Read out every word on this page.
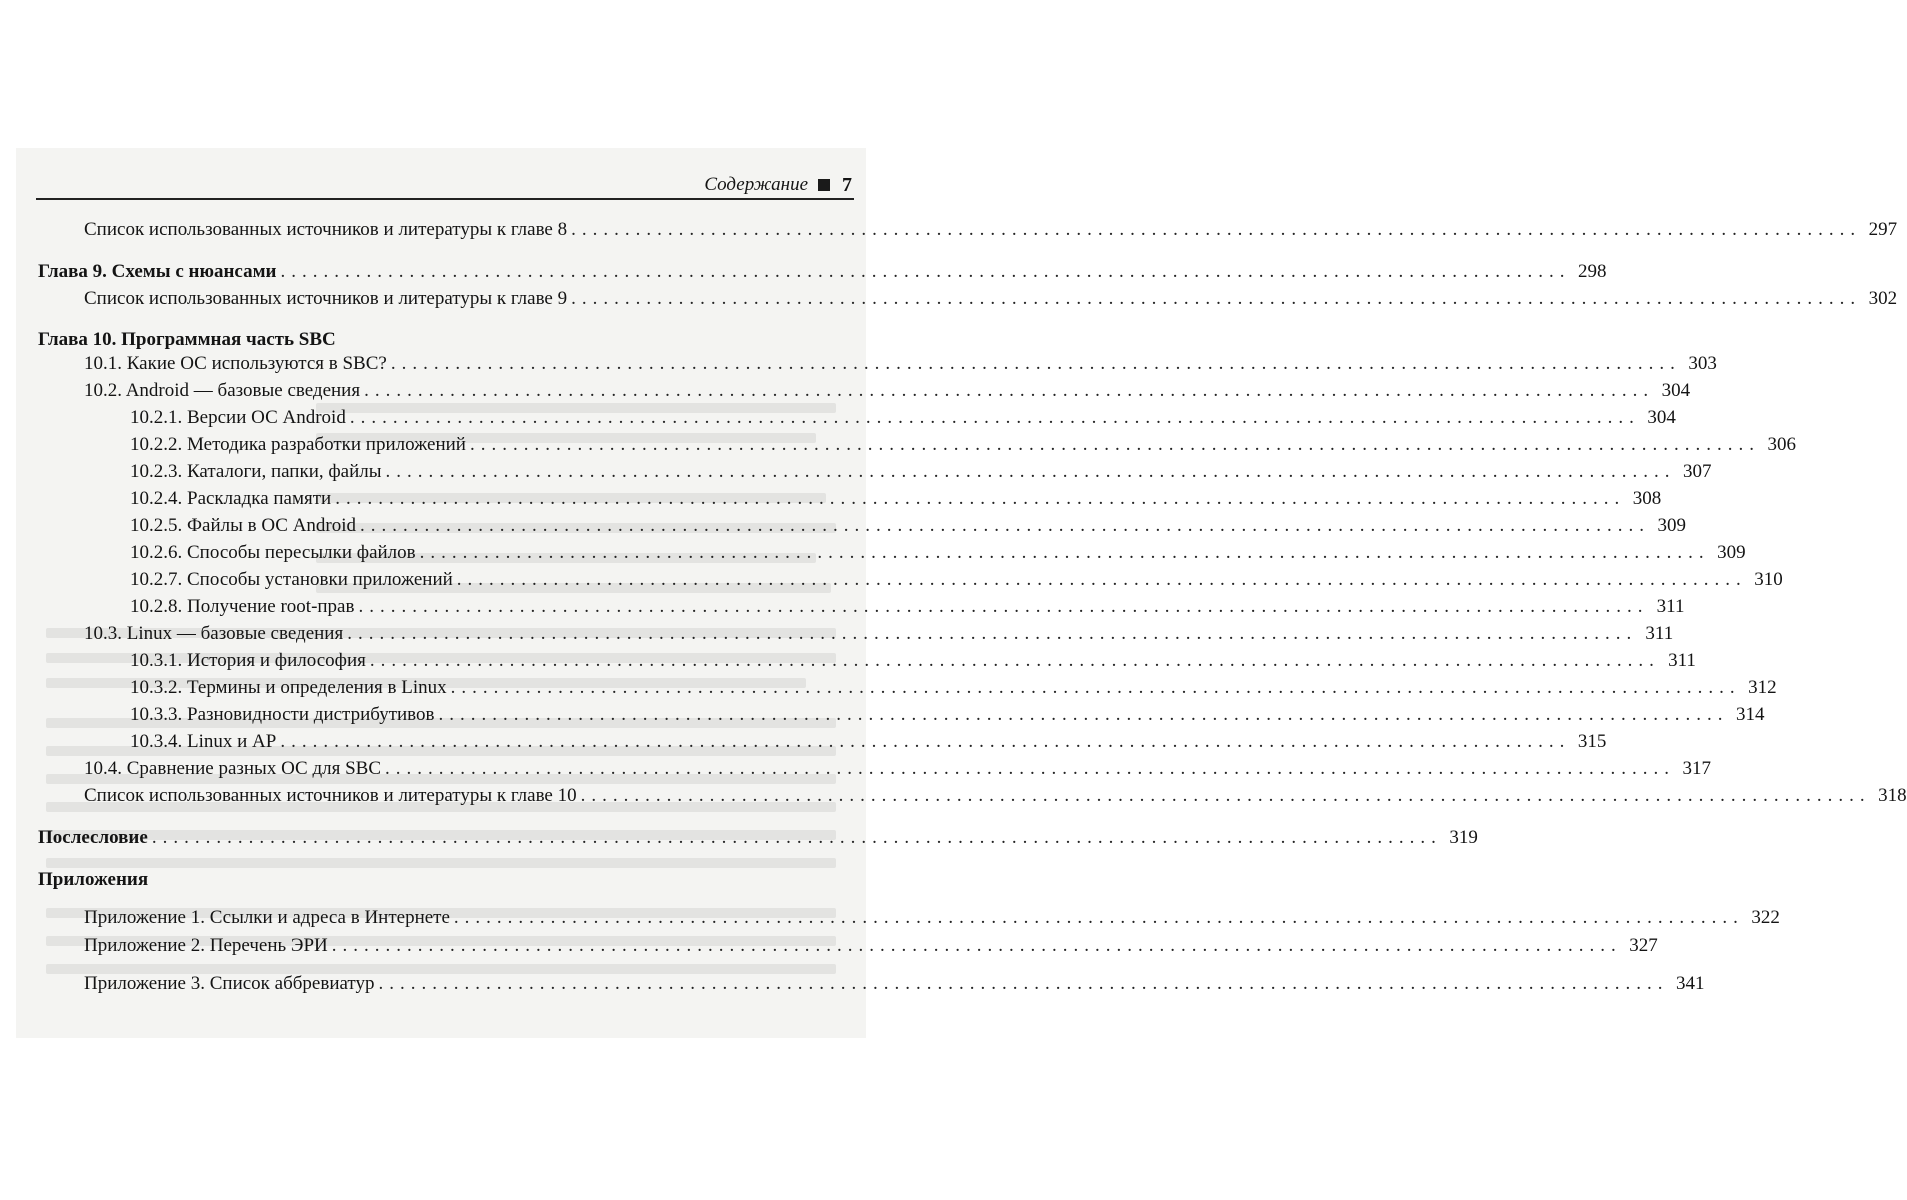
Содержание 7
Список использованных источников и литературы к главе 8 ........................................................................................................................ 297
Глава 9. Схемы с нюансами ........................................................................................................................ 298
Список использованных источников и литературы к главе 9 ........................................................................................................................ 302
Глава 10. Программная часть SBC
10.1. Какие ОС используются в SBC? ........................................................................................................................ 303
10.2. Android — базовые сведения ........................................................................................................................ 304
10.2.1. Версии ОС Android ........................................................................................................................ 304
10.2.2. Методика разработки приложений ........................................................................................................................ 306
10.2.3. Каталоги, папки, файлы ........................................................................................................................ 307
10.2.4. Раскладка памяти ........................................................................................................................ 308
10.2.5. Файлы в ОС Android ........................................................................................................................ 309
10.2.6. Способы пересылки файлов ........................................................................................................................ 309
10.2.7. Способы установки приложений ........................................................................................................................ 310
10.2.8. Получение root-прав ........................................................................................................................ 311
10.3. Linux — базовые сведения ........................................................................................................................ 311
10.3.1. История и философия ........................................................................................................................ 311
10.3.2. Термины и определения в Linux ........................................................................................................................ 312
10.3.3. Разновидности дистрибутивов ........................................................................................................................ 314
10.3.4. Linux и AP ........................................................................................................................ 315
10.4. Сравнение разных ОС для SBC ........................................................................................................................ 317
Список использованных источников и литературы к главе 10 ........................................................................................................................ 318
Послесловие ........................................................................................................................ 319
Приложения
Приложение 1. Ссылки и адреса в Интернете ........................................................................................................................ 322
Приложение 2. Перечень ЭРИ ........................................................................................................................ 327
Приложение 3. Список аббревиатур ........................................................................................................................ 341
